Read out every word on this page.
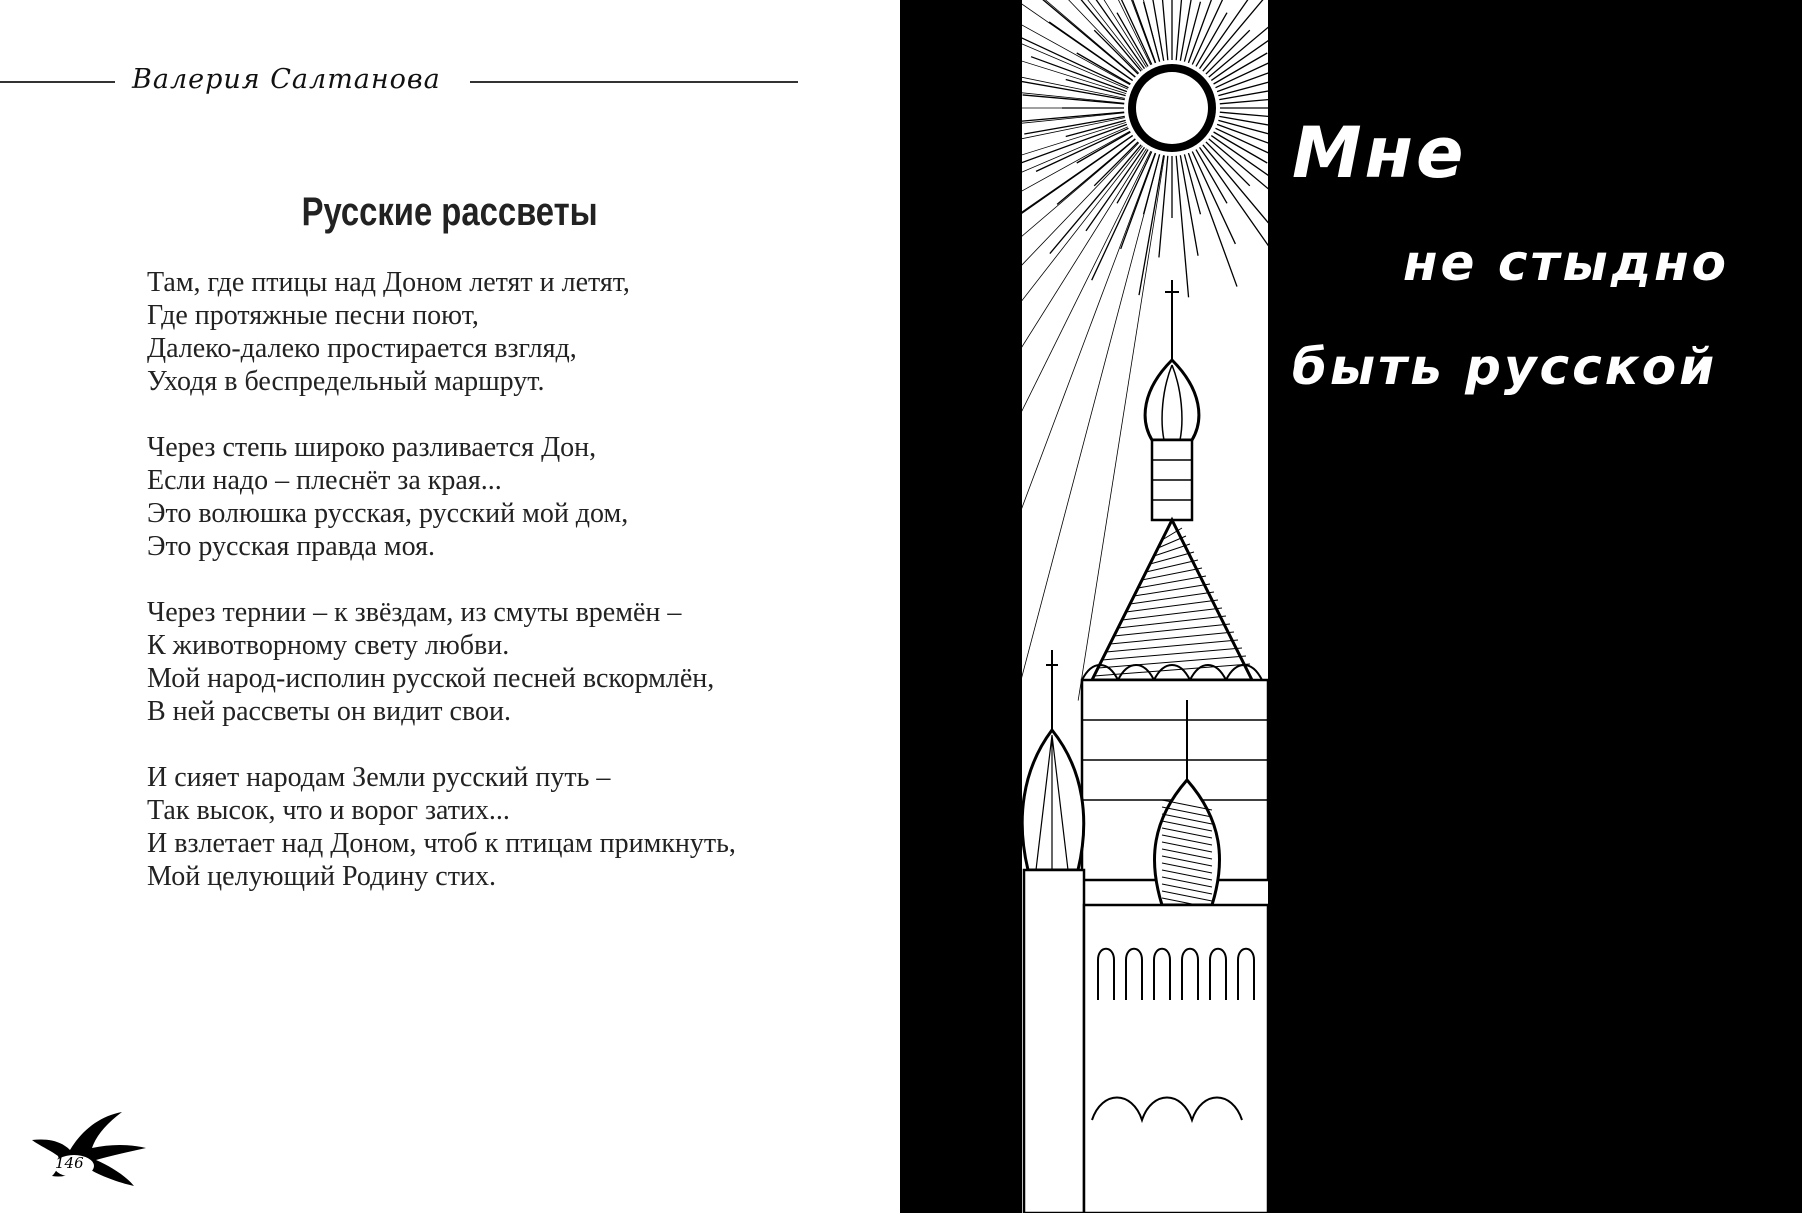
Валерия Салтанова
Русские рассветы
Там, где птицы над Доном летят и летят,
Где протяжные песни поют,
Далеко-далеко простирается взгляд,
Уходя в беспредельный маршрут.
Через степь широко разливается Дон,
Если надо – плеснёт за края...
Это волюшка русская, русский мой дом,
Это русская правда моя.
Через тернии – к звёздам, из смуты времён –
К животворному свету любви.
Мой народ-исполин русской песней вскормлён,
В ней рассветы он видит свои.
И сияет народам Земли русский путь –
Так высок, что и ворог затих...
И взлетает над Доном, чтоб к птицам примкнуть,
Мой целующий Родину стих.
146
Мне
не стыдно
быть русской
